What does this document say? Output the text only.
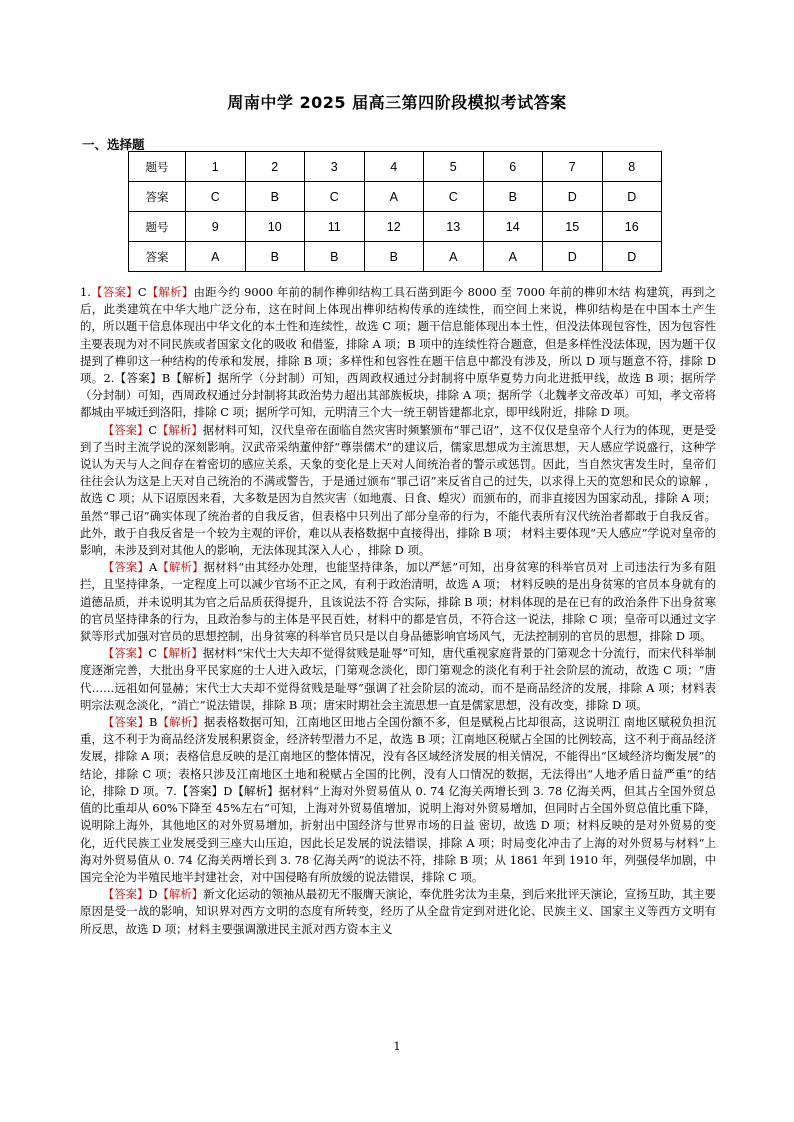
周南中学 2025 届高三第四阶段模拟考试答案
一、选择题
题号	1	2	3	4	5	6	7	8
答案	C	B	C	A	C	B	D	D
题号	9	10	11	12	13	14	15	16
答案	A	B	B	B	A	A	D	D

1.【答案】C【解析】由距今约 9000 年前的制作榫卯结构工具石凿到距今 8000 至 7000 年前的榫卯木结 构建筑，再到之后，此类建筑在中华大地广泛分布，这在时间上体现出榫卯结构传承的连续性，而空间上来说，榫卯结构是在中国本土产生的，所以题干信息体现出中华文化的本土性和连续性，故选 C 项；题干信息能体现出本土性，但没法体现包容性，因为包容性主要表现为对不同民族或者国家文化的吸收 和借鉴，排除 A 项；B 项中的连续性符合题意，但是多样性没法体现，因为题干仅提到了榫卯这一种结构的传承和发展，排除 B 项；多样性和包容性在题干信息中都没有涉及，所以 D 项与题意不符，排除 D 项。2.【答案】B【解析】据所学（分封制）可知，西周政权通过分封制将中原华夏势力向北进抵甲线，故选 B 项；据所学（分封制）可知，西周政权通过分封制将其政治势力超出其部族板块，排除 A 项；据所学（北魏孝文帝改革）可知，孝文帝将都城由平城迁到洛阳，排除 C 项；据所学可知，元明清三个大一统王朝皆建都北京，即甲线附近，排除 D 项。

【答案】C【解析】据材料可知，汉代皇帝在面临自然灾害时频繁颁布“罪己诏”，这不仅仅是皇帝个人行为的体现，更是受到了当时主流学说的深刻影响。汉武帝采纳董仲舒“尊崇儒术”的建议后，儒家思想成为主流思想，天人感应学说盛行，这种学说认为天与人之间存在着密切的感应关系，天象的变化是上天对人间统治者的警示或惩罚。因此，当自然灾害发生时，皇帝们往往会认为这是上天对自己统治的不满或警告，于是通过颁布“罪己诏”来反省自己的过失，以求得上天的宽恕和民众的谅解 ，故选 C 项；从下诏原因来看，大多数是因为自然灾害（如地震、日食、蝗灾）而颁布的，而非直接因为国家动乱，排除 A 项；虽然“罪己诏”确实体现了统治者的自我反省，但表格中只列出了部分皇帝的行为，不能代表所有汉代统治者都敢于自我反省。此外，敢于自我反省是一个较为主观的评价，难以从表格数据中直接得出，排除 B 项； 材料主要体现“天人感应”学说对皇帝的影响，未涉及到对其他人的影响，无法体现其深入人心 ，排除 D 项。

【答案】A【解析】据材料“由其经办处理，也能坚持律条，加以严惩”可知，出身贫寒的科举官员对 上司违法行为多有阻拦，且坚持律条，一定程度上可以减少官场不正之风，有利于政治清明，故选 A 项； 材料反映的是出身贫寒的官员本身就有的道德品质，并未说明其为官之后品质获得提升，且该说法不符 合实际，排除 B 项；材料体现的是在已有的政治条件下出身贫寒的官员坚持律条的行为，且政治参与的主体是平民百姓，材料中的都是官员，不符合这一说法，排除 C 项；皇帝可以通过文字狱等形式加强对官员的思想控制，出身贫寒的科举官员只是以自身品德影响官场风气，无法控制别的官员的思想，排除 D 项。

【答案】C【解析】据材料“宋代士大夫却不觉得贫贱是耻辱”可知，唐代重视家庭背景的门第观念十分流行，而宋代科举制度逐渐完善，大批出身平民家庭的士人进入政坛，门第观念淡化，即门第观念的淡化有利于社会阶层的流动，故选 C 项；“唐代……远祖如何显赫；宋代士大夫却不觉得贫贱是耻辱”强调了社会阶层的流动，而不是商品经济的发展，排除 A 项；材料表明宗法观念淡化，“消亡”说法错误，排除 B 项；唐宋时期社会主流思想一直是儒家思想，没有改变，排除 D 项。

【答案】B【解析】据表格数据可知，江南地区田地占全国份额不多，但是赋税占比却很高，这说明江 南地区赋税负担沉重，这不利于为商品经济发展积累资金，经济转型潜力不足，故选 B 项；江南地区税赋占全国的比例较高，这不利于商品经济发展，排除 A 项；表格信息反映的是江南地区的整体情况，没有各区域经济发展的相关情况，不能得出“区域经济均衡发展”的结论，排除 C 项；表格只涉及江南地区土地和税赋占全国的比例，没有人口情况的数据，无法得出“人地矛盾日益严重”的结论，排除 D 项。7.【答案】D【解析】据材料“上海对外贸易值从 0. 74 亿海关两增长到 3. 78 亿海关两，但其占全国外贸总值的比重却从 60%下降至 45%左右”可知，上海对外贸易值增加，说明上海对外贸易增加，但同时占全国外贸总值比重下降，说明除上海外，其他地区的对外贸易增加，折射出中国经济与世界市场的日益 密切，故选 D 项；材料反映的是对外贸易的变化，近代民族工业发展受到三座大山压迫，因此长足发展的说法错误，排除 A 项；时局变化冲击了上海的对外贸易与材料“上海对外贸易值从 0. 74 亿海关两增长到 3. 78 亿海关两”的说法不符，排除 B 项；从 1861 年到 1910 年，列强侵华加剧，中国完全沦为半殖民地半封建社会，对中国侵略有所放缓的说法错误，排除 C 项。

【答案】D【解析】新文化运动的领袖从最初无不服膺天演论，奉优胜劣汰为圭臬，到后来批评天演论，宣扬互助，其主要原因是受一战的影响，知识界对西方文明的态度有所转变，经历了从全盘肯定到对进化论、民族主义、国家主义等西方文明有所反思，故选 D 项；材料主要强调激进民主派对西方资本主义

1
